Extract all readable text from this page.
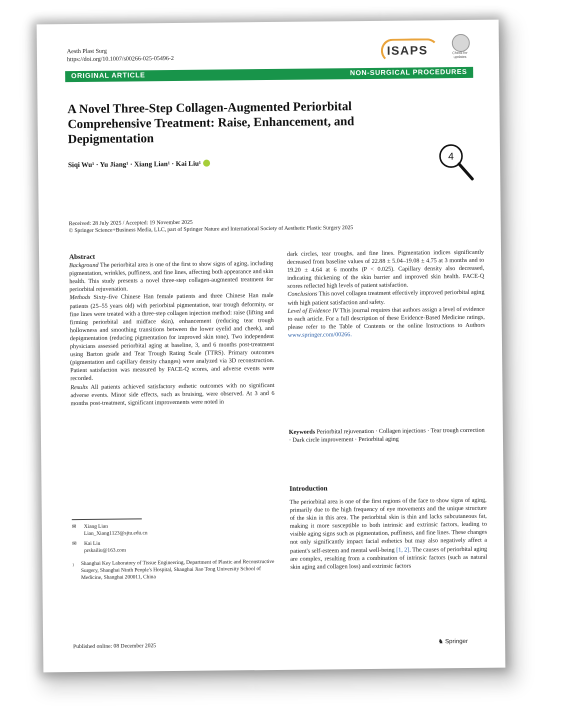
Aesth Plast Surg
https://doi.org/10.1007/s00266-025-05496-2
ISAPS	Check for updates
ORIGINAL ARTICLE	NON-SURGICAL PROCEDURES
A Novel Three-Step Collagen-Augmented Periorbital Comprehensive Treatment: Raise, Enhancement, and Depigmentation
Siqi Wu¹ · Yu Jiang¹ · Xiang Lian¹ · Kai Liu¹
4
Received: 28 July 2025 / Accepted: 19 November 2025
© Springer Science+Business Media, LLC, part of Springer Nature and International Society of Aesthetic Plastic Surgery 2025
Abstract

Background The periorbital area is one of the first to show signs of aging, including pigmentation, wrinkles, puffiness, and fine lines, affecting both appearance and skin health. This study presents a novel three-step collagen-augmented treatment for periorbital rejuvenation.

Methods Sixty-five Chinese Han female patients and three Chinese Han male patients (25–55 years old) with periorbital pigmentation, tear trough deformity, or fine lines were treated with a three-step collagen injection method: raise (lifting and firming periorbital and midface skin), enhancement (reducing tear trough hollowness and smoothing transitions between the lower eyelid and cheek), and depigmentation (reducing pigmentation for improved skin tone). Two independent physicians assessed periorbital aging at baseline, 3, and 6 months post-treatment using Barton grade and Tear Trough Rating Scale (TTRS). Primary outcomes (pigmentation and capillary density changes) were analyzed via 3D reconstruction. Patient satisfaction was measured by FACE-Q scores, and adverse events were recorded.

Results All patients achieved satisfactory esthetic outcomes with no significant adverse events. Minor side effects, such as bruising, were observed. At 3 and 6 months post-treatment, significant improvements were noted in

dark circles, tear troughs, and fine lines. Pigmentation indices significantly decreased from baseline values of 22.88 ± 5.04–19.08 ± 4.75 at 3 months and to 19.20 ± 4.64 at 6 months (P < 0.025). Capillary density also decreased, indicating thickening of the skin barrier and improved skin health. FACE-Q scores reflected high levels of patient satisfaction.

Conclusions This novel collagen treatment effectively improved periorbital aging with high patient satisfaction and safety.

Level of Evidence IV This journal requires that authors assign a level of evidence to each article. For a full description of these Evidence-Based Medicine ratings, please refer to the Table of Contents or the online Instructions to Authors www.springer.com/00266.

Keywords Periorbital rejuvenation · Collagen injections · Tear trough correction · Dark circle improvement · Periorbital aging
Introduction
The periorbital area is one of the first regions of the face to show signs of aging, primarily due to the high frequency of eye movements and the unique structure of the skin in this area. The periorbital skin is thin and lacks subcutaneous fat, making it more susceptible to both intrinsic and extrinsic factors, leading to visible aging signs such as pigmentation, puffiness, and fine lines. These changes not only significantly impact facial esthetics but may also negatively affect a patient's self-esteem and mental well-being [1, 2]. The causes of periorbital aging are complex, resulting from a combination of intrinsic factors (such as natural skin aging and collagen loss) and extrinsic factors
✉	Xiang Lian
Lian_Xiang1123@sjtu.edu.cn
✉	Kai Liu
prskailiu@163.com
1 Shanghai Key Laboratory of Tissue Engineering, Department of Plastic and Reconstructive Surgery, Shanghai Ninth People's Hospital, Shanghai Jiao Tong University School of Medicine, Shanghai 200011, China
Published online: 08 December 2025
♞ Springer
